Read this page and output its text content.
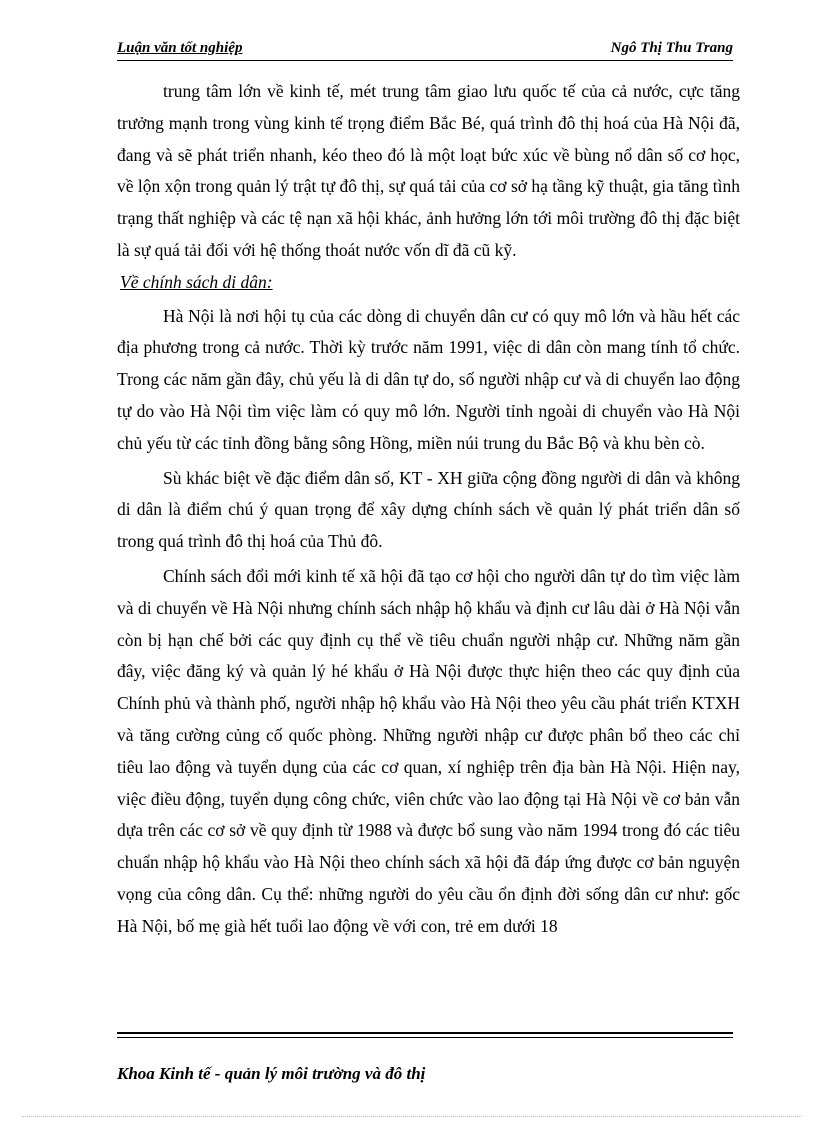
Luận văn tốt nghiệp	Ngô Thị Thu Trang

trung tâm lớn về kinh tế, mét trung tâm giao lưu quốc tế của cả nước, cực tăng trưởng mạnh trong vùng kinh tế trọng điểm Bắc Bé, quá trình đô thị hoá của Hà Nội đã, đang và sẽ phát triển nhanh, kéo theo đó là một loạt bức xúc về bùng nổ dân số cơ học, về lộn xộn trong quản lý trật tự đô thị, sự quá tải của cơ sở hạ tầng kỹ thuật, gia tăng tình trạng thất nghiệp và các tệ nạn xã hội khác, ảnh hưởng lớn tới môi trường đô thị đặc biệt là sự quá tải đối với hệ thống thoát nước vốn dĩ đã cũ kỹ.

Về chính sách di dân:

Hà Nội là nơi hội tụ của các dòng di chuyển dân cư có quy mô lớn và hầu hết các địa phương trong cả nước. Thời kỳ trước năm 1991, việc di dân còn mang tính tổ chức. Trong các năm gần đây, chủ yếu là di dân tự do, số người nhập cư và di chuyển lao động tự do vào Hà Nội tìm việc làm có quy mô lớn. Người tỉnh ngoài di chuyển vào Hà Nội chủ yếu từ các tỉnh đồng bằng sông Hồng, miền núi trung du Bắc Bộ và khu bèn cò.

Sù khác biệt về đặc điểm dân số, KT - XH giữa cộng đồng người di dân và không di dân là điểm chú ý quan trọng để xây dựng chính sách về quản lý phát triển dân số trong quá trình đô thị hoá của Thủ đô.

Chính sách đổi mới kinh tế xã hội đã tạo cơ hội cho người dân tự do tìm việc làm và di chuyển về Hà Nội nhưng chính sách nhập hộ khẩu và định cư lâu dài ở Hà Nội vẫn còn bị hạn chế bởi các quy định cụ thể về tiêu chuẩn người nhập cư. Những năm gần đây, việc đăng ký và quản lý hé khẩu ở Hà Nội được thực hiện theo các quy định của Chính phủ và thành phố, người nhập hộ khẩu vào Hà Nội theo yêu cầu phát triển KTXH và tăng cường củng cố quốc phòng. Những người nhập cư được phân bổ theo các chỉ tiêu lao động và tuyển dụng của các cơ quan, xí nghiệp trên địa bàn Hà Nội. Hiện nay, việc điều động, tuyển dụng công chức, viên chức vào lao động tại Hà Nội về cơ bản vẫn dựa trên các cơ sở về quy định từ 1988 và được bổ sung vào năm 1994 trong đó các tiêu chuẩn nhập hộ khẩu vào Hà Nội theo chính sách xã hội đã đáp ứng được cơ bản nguyện vọng của công dân. Cụ thể: những người do yêu cầu ổn định đời sống dân cư như: gốc Hà Nội, bố mẹ già hết tuổi lao động về với con, trẻ em dưới 18

Khoa Kinh tế - quản lý môi trường và đô thị
